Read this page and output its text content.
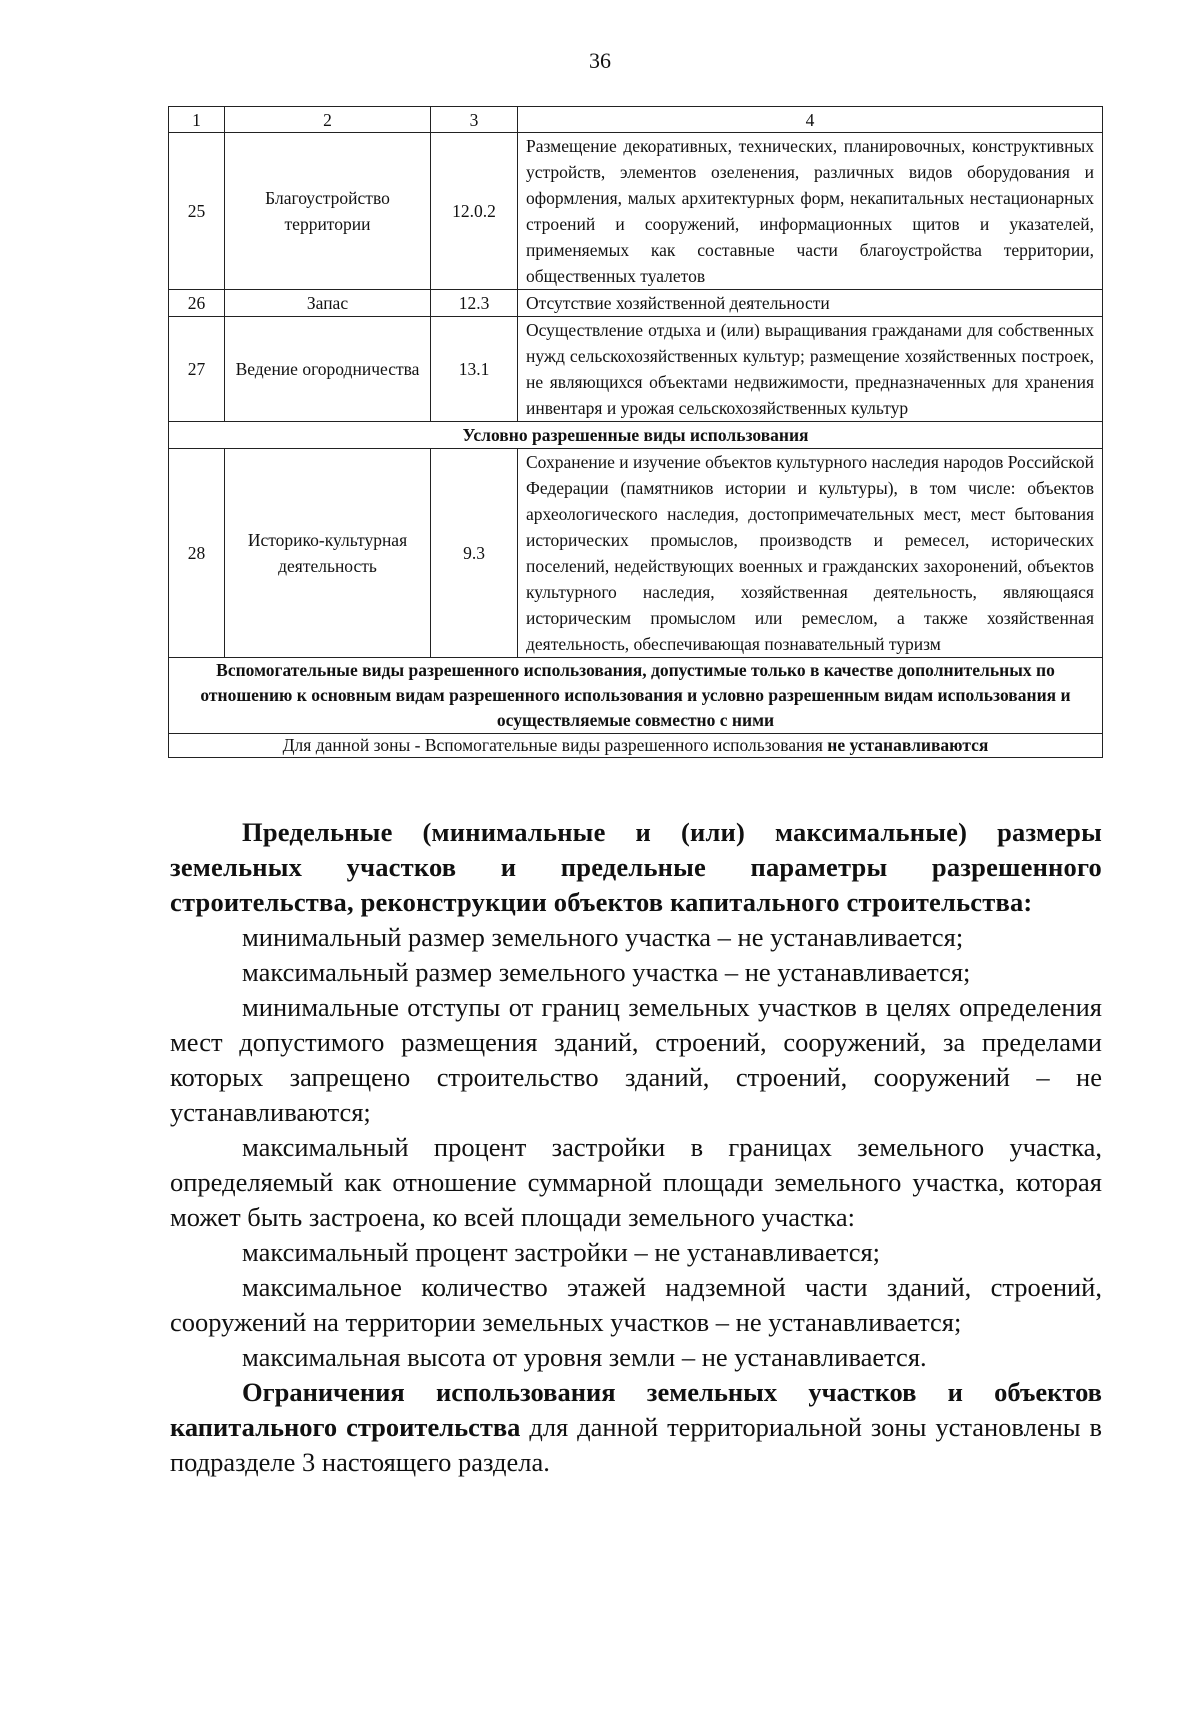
36
1	2	3	4
25	Благоустройство территории	12.0.2	Размещение декоративных, технических, планировочных, конструктивных устройств, элементов озеленения, различных видов оборудования и оформления, малых архитектурных форм, некапитальных нестационарных строений и сооружений, информационных щитов и указателей, применяемых как составные части благоустройства территории, общественных туалетов
26	Запас	12.3	Отсутствие хозяйственной деятельности
27	Ведение огородничества	13.1	Осуществление отдыха и (или) выращивания гражданами для собственных нужд сельскохозяйственных культур; размещение хозяйственных построек, не являющихся объектами недвижимости, предназначенных для хранения инвентаря и урожая сельскохозяйственных культур
Условно разрешенные виды использования			
28	Историко-культурная деятельность	9.3	Сохранение и изучение объектов культурного наследия народов Российской Федерации (памятников истории и культуры), в том числе: объектов археологического наследия, достопримечательных мест, мест бытования исторических промыслов, производств и ремесел, исторических поселений, недействующих военных и гражданских захоронений, объектов культурного наследия, хозяйственная деятельность, являющаяся историческим промыслом или ремеслом, а также хозяйственная деятельность, обеспечивающая познавательный туризм
Вспомогательные виды разрешенного использования, допустимые только в качестве дополнительных по отношению к основным видам разрешенного использования и условно разрешенным видам использования и осуществляемые совместно с ними			
Для данной зоны - Вспомогательные виды разрешенного использования не устанавливаются			

Предельные (минимальные и (или) максимальные) размеры земельных участков и предельные параметры разрешенного строительства, реконструкции объектов капитального строительства:

минимальный размер земельного участка – не устанавливается;

максимальный размер земельного участка – не устанавливается;

минимальные отступы от границ земельных участков в целях определения мест допустимого размещения зданий, строений, сооружений, за пределами которых запрещено строительство зданий, строений, сооружений – не устанавливаются;

максимальный процент застройки в границах земельного участка, определяемый как отношение суммарной площади земельного участка, которая может быть застроена, ко всей площади земельного участка:

максимальный процент застройки – не устанавливается;

максимальное количество этажей надземной части зданий, строений, сооружений на территории земельных участков – не устанавливается;

максимальная высота от уровня земли – не устанавливается.

Ограничения использования земельных участков и объектов капитального строительства для данной территориальной зоны установлены в подразделе 3 настоящего раздела.
